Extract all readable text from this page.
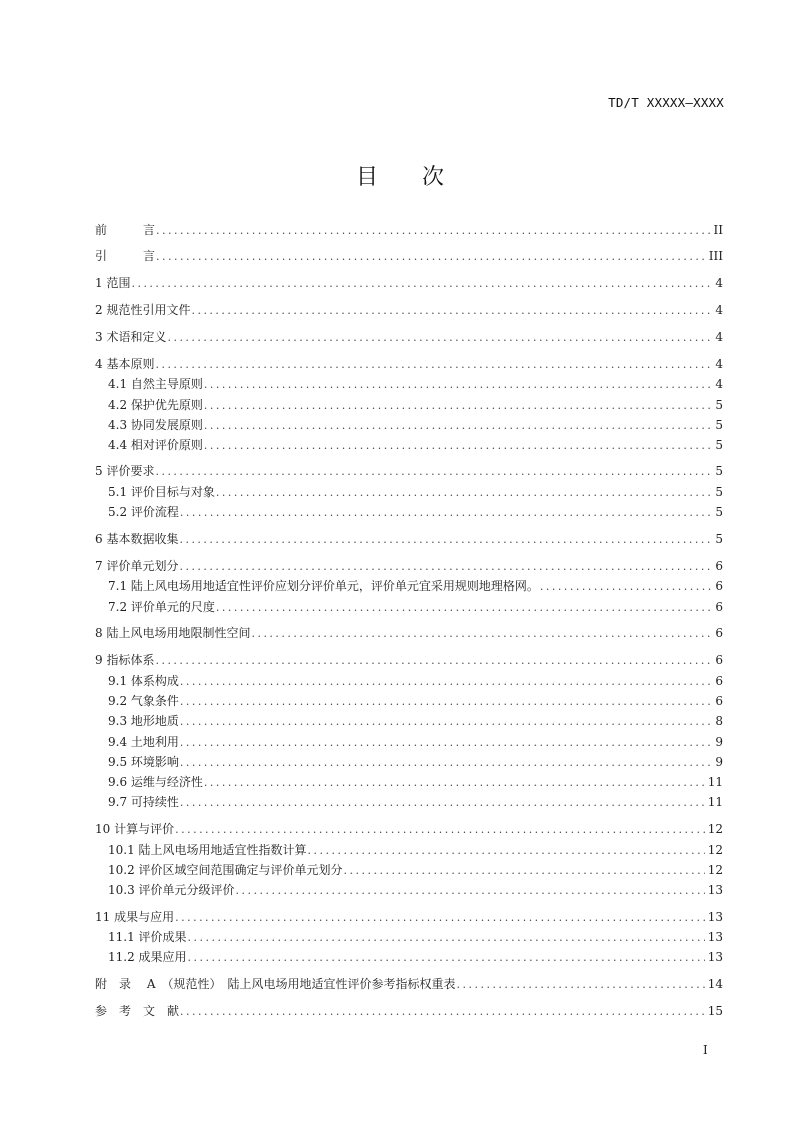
TD/T XXXXX—XXXX
目 次
前　　　言 . . .	II
引　　　言 . . .	III
1 范围 . . .	4
2 规范性引用文件 . . .	4
3 术语和定义 . . .	4
4 基本原则 . . .	4
4.1 自然主导原则 . . .	4
4.2 保护优先原则 . . .	5
4.3 协同发展原则 . . .	5
4.4 相对评价原则 . . .	5
5 评价要求 . . .	5
5.1 评价目标与对象 . . .	5
5.2 评价流程 . . .	5
6 基本数据收集 . . .	5
7 评价单元划分 . . .	6
7.1 陆上风电场用地适宜性评价应划分评价单元，评价单元宜采用规则地理格网。 . . .	6
7.2 评价单元的尺度 . . .	6
8 陆上风电场用地限制性空间 . . .	6
9 指标体系 . . .	6
9.1 体系构成 . . .	6
9.2 气象条件 . . .	6
9.3 地形地质 . . .	8
9.4 土地利用 . . .	9
9.5 环境影响 . . .	9
9.6 运维与经济性 . . .	11
9.7 可持续性 . . .	11
10 计算与评价 . . .	12
10.1 陆上风电场用地适宜性指数计算 . . .	12
10.2 评价区域空间范围确定与评价单元划分 . . .	12
10.3 评价单元分级评价 . . .	13
11 成果与应用 . . .	13
11.1 评价成果 . . .	13
11.2 成果应用 . . .	13
附　录　 A　（规范性）　陆上风电场用地适宜性评价参考指标权重表 . . .	14
参　考　文　献 . . .	15
I
